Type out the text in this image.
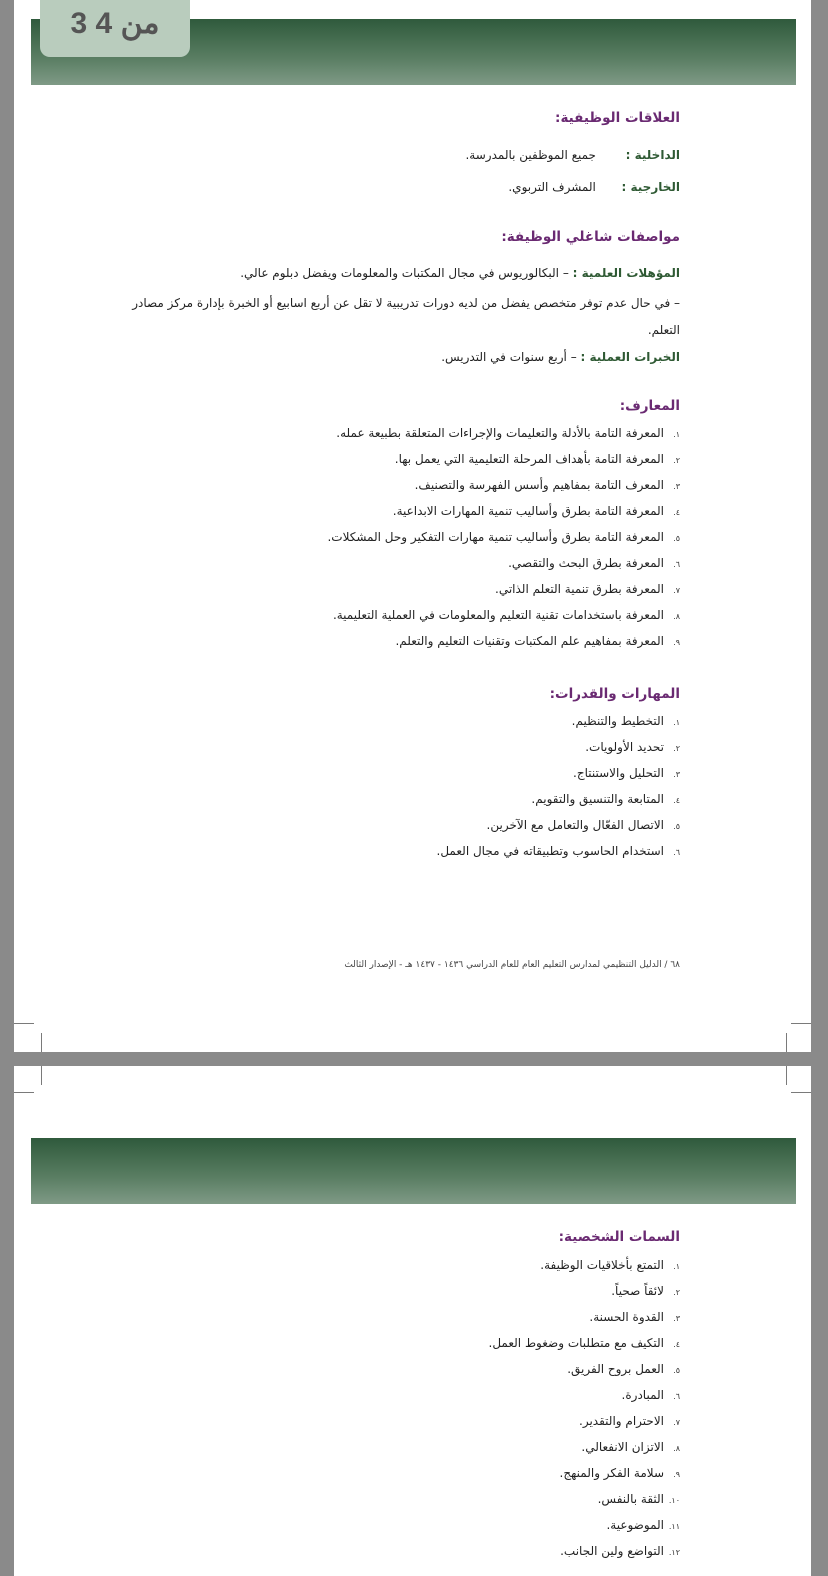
العلاقات الوظيفية:
الداخلية :  جميع الموظفين بالمدرسة.
الخارجية :  المشرف التربوي.
مواصفات شاغلي الوظيفة:
المؤهلات العلمية : – البكالوريوس في مجال المكتبات والمعلومات ويفضل دبلوم عالي.
– في حال عدم توفر متخصص يفضل من لديه دورات تدريبية لا تقل عن أربع اسابيع أو الخبرة بإدارة مركز مصادر التعلم.
الخبرات العملية : – أربع سنوات في التدريس.
المعارف:
١.المعرفة التامة بالأدلة والتعليمات والإجراءات المتعلقة بطبيعة عمله.
٢.المعرفة التامة بأهداف المرحلة التعليمية التي يعمل بها.
٣.المعرف التامة بمفاهيم وأسس الفهرسة والتصنيف.
٤.المعرفة التامة بطرق وأساليب تنمية المهارات الابداعية.
٥.المعرفة التامة بطرق وأساليب تنمية مهارات التفكير وحل المشكلات.
٦.المعرفة بطرق البحث والتقصي.
٧.المعرفة بطرق تنمية التعلم الذاتي.
٨.المعرفة باستخدامات تقنية التعليم والمعلومات في العملية التعليمية.
٩.المعرفة بمفاهيم علم المكتبات وتقنيات التعليم والتعلم.
المهارات والقدرات:
١.التخطيط والتنظيم.
٢.تحديد الأولويات.
٣.التحليل والاستنتاج.
٤.المتابعة والتنسيق والتقويم.
٥.الاتصال الفعّال والتعامل مع الآخرين.
٦.استخدام الحاسوب وتطبيقاته في مجال العمل.
٦٨ / الدليل التنظيمي لمدارس التعليم العام للعام الدراسي ١٤٣٦ - ١٤٣٧ هـ - الإصدار الثالث
السمات الشخصية:
١.التمتع بأخلاقيات الوظيفة.
٢.لائقاً صحياً.
٣.القدوة الحسنة.
٤.التكيف مع متطلبات وضغوط العمل.
٥.العمل بروح الفريق.
٦.المبادرة.
٧.الاحترام والتقدير.
٨.الاتزان الانفعالي.
٩.سلامة الفكر والمنهج.
١٠.الثقة بالنفس.
١١.الموضوعية.
١٢.التواضع ولين الجانب.
3 من 4
